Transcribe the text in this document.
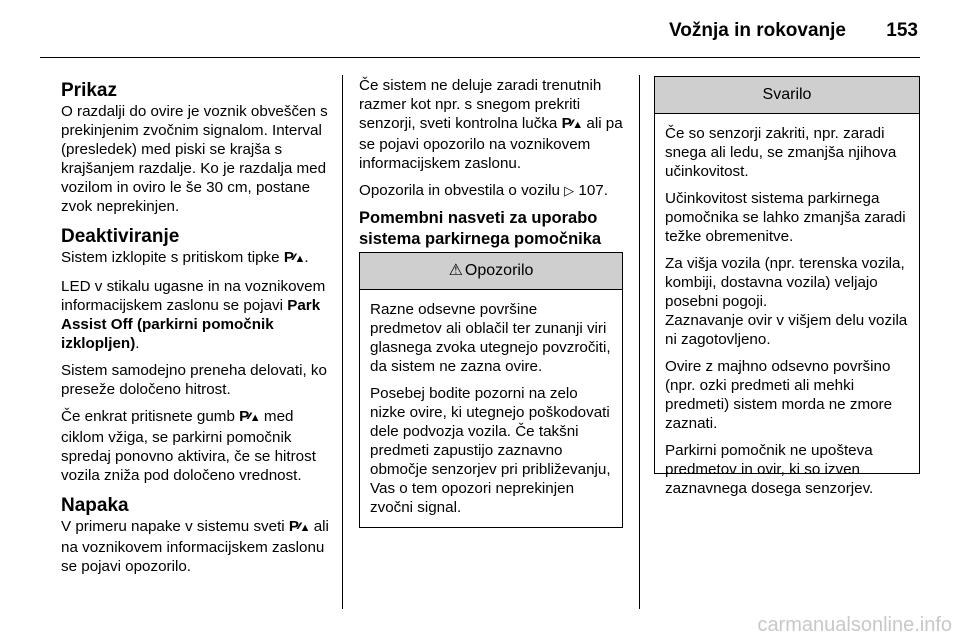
Vožnja in rokovanje	153
Prikaz

O razdalji do ovire je voznik obveščen s prekinjenim zvočnim signalom. Interval (presledek) med piski se krajša s krajšanjem razdalje. Ko je razdalja med vozilom in oviro le še 30 cm, postane zvok neprekinjen.

Deaktiviranje

Sistem izklopite s pritiskom tipke P⁄⁄⁄▲.

LED v stikalu ugasne in na voznikovem informacijskem zaslonu se pojavi Park Assist Off (parkirni pomočnik izklopljen).

Sistem samodejno preneha delovati, ko preseže določeno hitrost.

Če enkrat pritisnete gumb P⁄⁄⁄▲ med ciklom vžiga, se parkirni pomočnik spredaj ponovno aktivira, če se hitrost vozila zniža pod določeno vrednost.

Napaka

V primeru napake v sistemu sveti P⁄⁄⁄▲ ali na voznikovem informacijskem zaslonu se pojavi opozorilo.

Če sistem ne deluje zaradi trenutnih razmer kot npr. s snegom prekriti senzorji, sveti kontrolna lučka P⁄⁄⁄▲ ali pa se pojavi opozorilo na voznikovem informacijskem zaslonu.

Opozorila in obvestila o vozilu ▷ 107.

Pomembni nasveti za uporabo sistema parkirnega pomočnika
⚠ Opozorilo

Razne odsevne površine predmetov ali oblačil ter zunanji viri glasnega zvoka utegnejo povzročiti, da sistem ne zazna ovire.

Posebej bodite pozorni na zelo nizke ovire, ki utegnejo poškodovati dele podvozja vozila. Če takšni predmeti zapustijo zaznavno območje senzorjev pri približevanju, Vas o tem opozori neprekinjen zvočni signal.

Svarilo

Če so senzorji zakriti, npr. zaradi snega ali ledu, se zmanjša njihova učinkovitost.

Učinkovitost sistema parkirnega pomočnika se lahko zmanjša zaradi težke obremenitve.

Za višja vozila (npr. terenska vozila, kombiji, dostavna vozila) veljajo posebni pogoji.

Zaznavanje ovir v višjem delu vozila ni zagotovljeno.

Ovire z majhno odsevno površino (npr. ozki predmeti ali mehki predmeti) sistem morda ne zmore zaznati.

Parkirni pomočnik ne upošteva predmetov in ovir, ki so izven zaznavnega dosega senzorjev.

carmanualsonline.info
